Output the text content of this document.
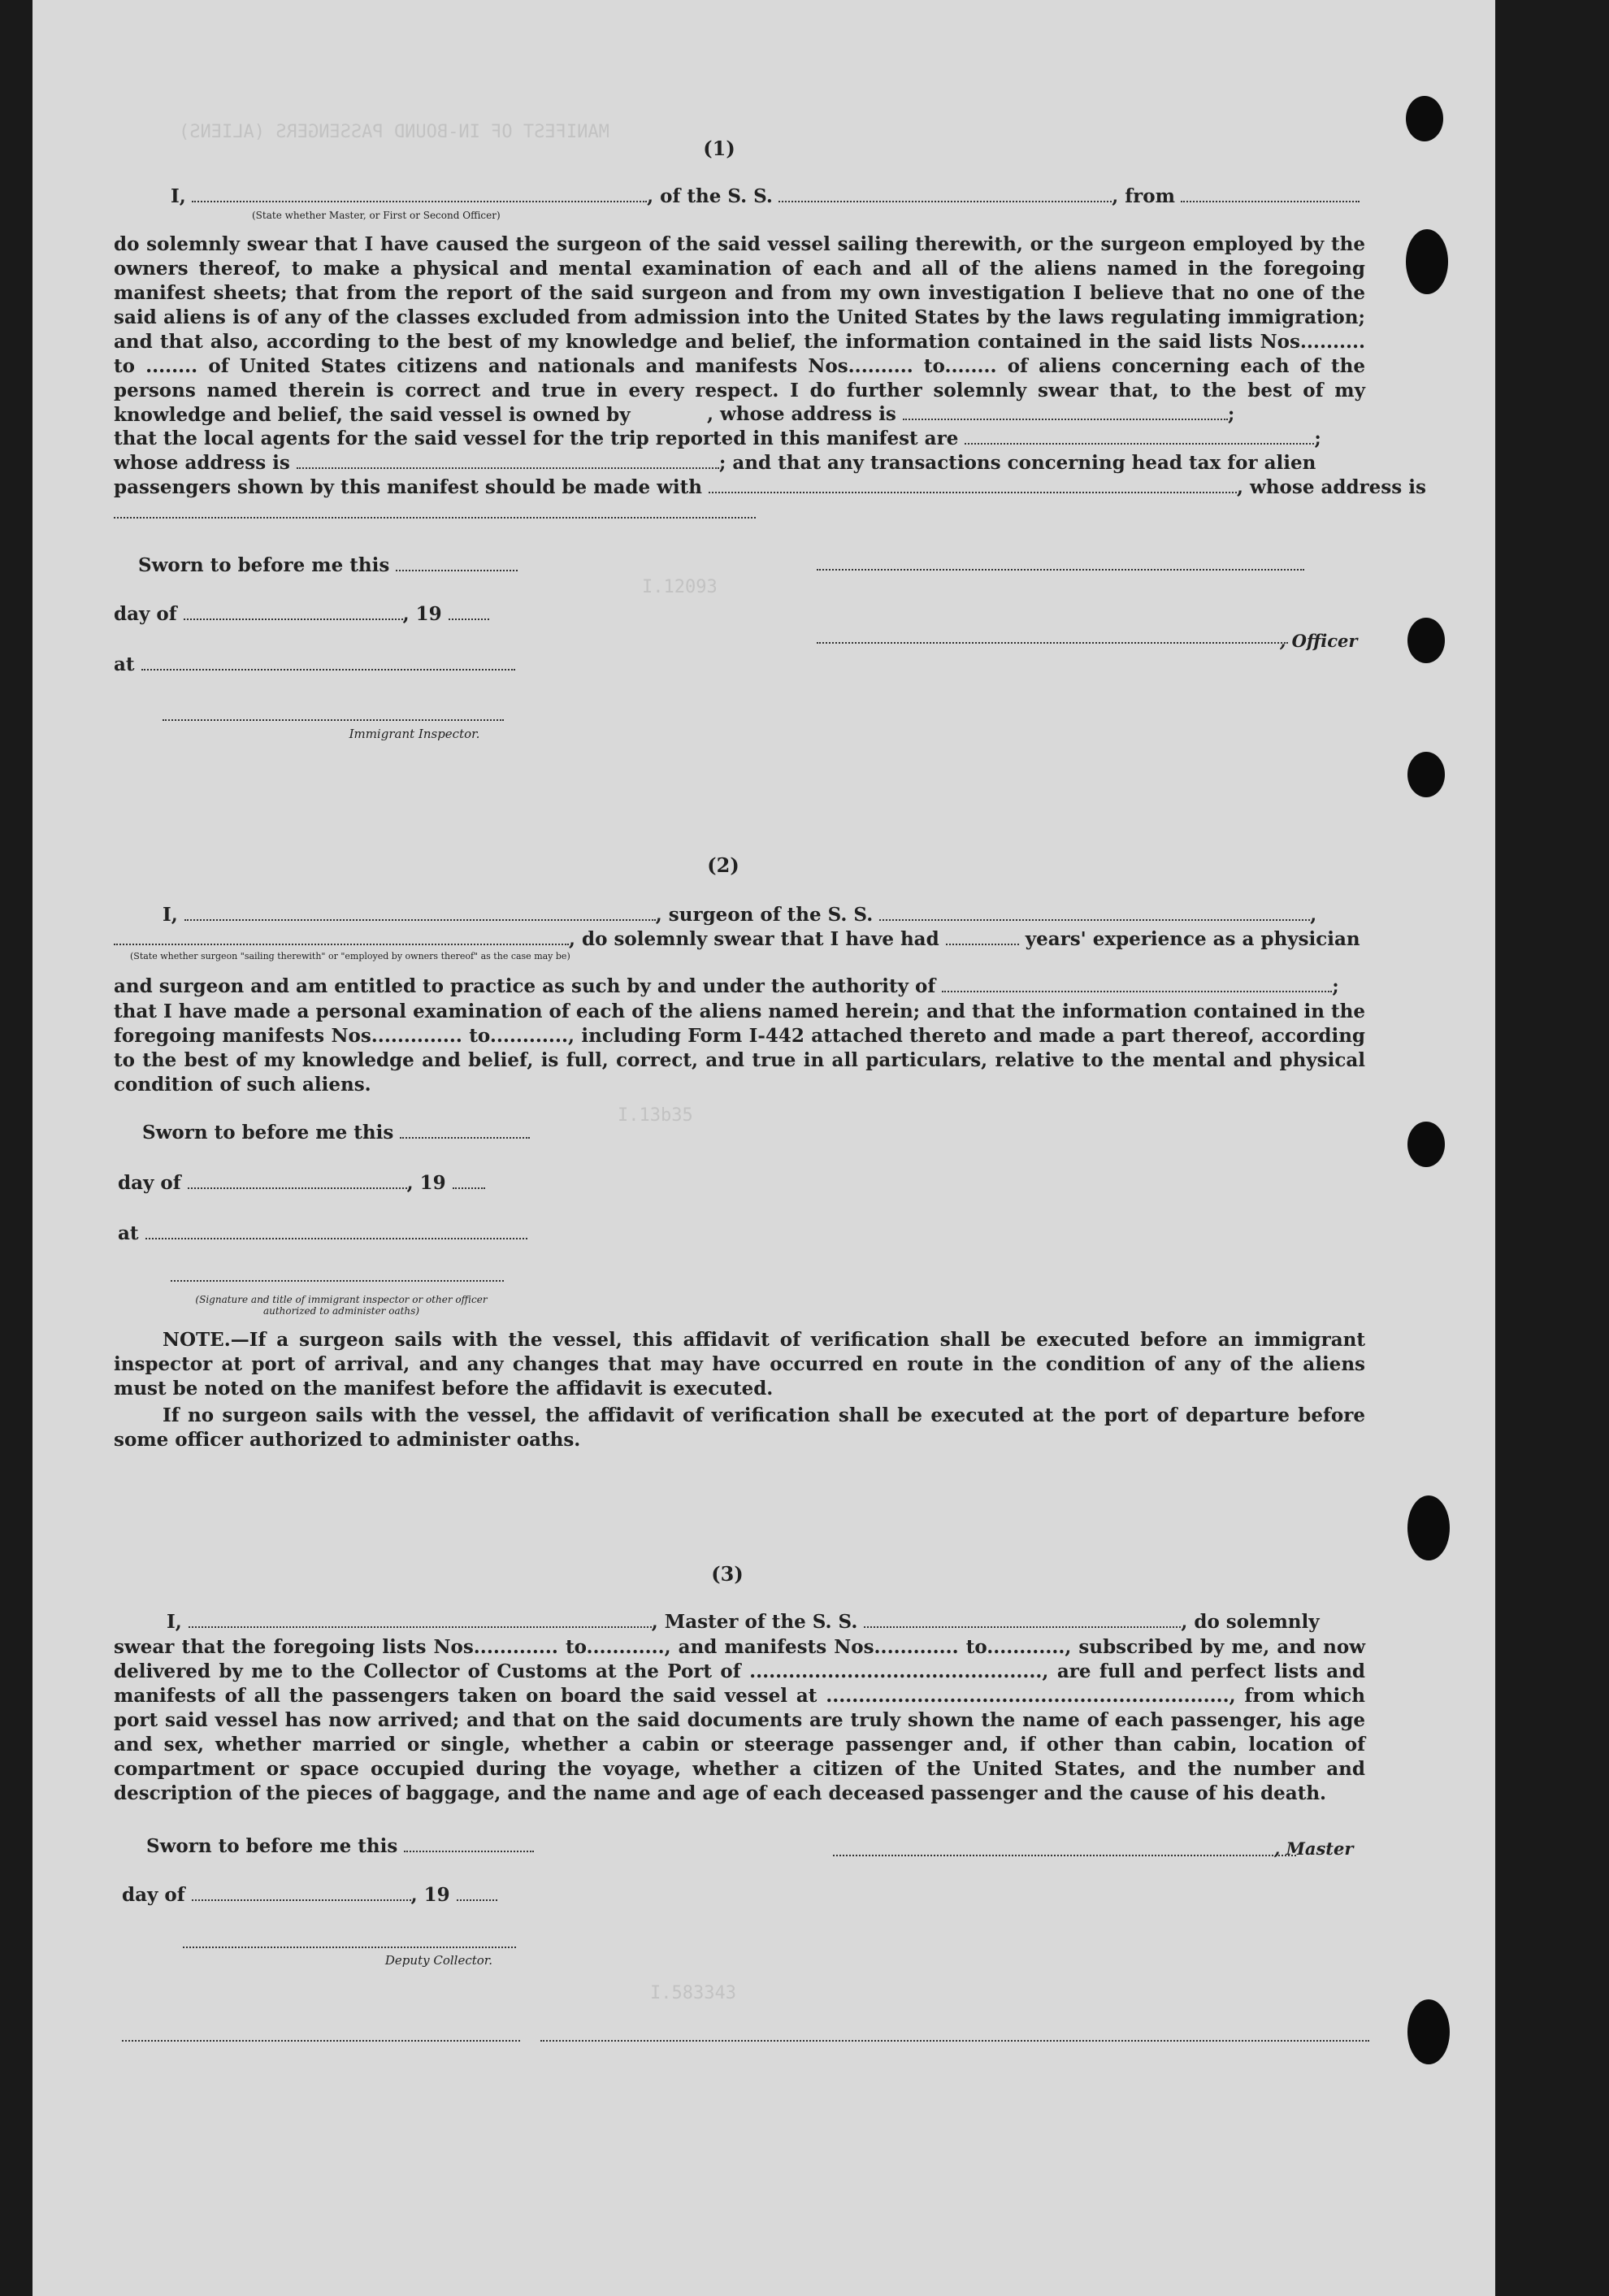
MANIFEST OF IN-BOUND PASSENGERS (ALIENS)
I.12093
I.13b35
I.583343
(1)
I,	, of the S. S.	, from
(State whether Master, or First or Second Officer)
do solemnly swear that I have caused the surgeon of the said vessel sailing therewith, or the surgeon employed by the owners thereof, to make a physical and mental examination of each and all of the aliens named in the foregoing manifest sheets; that from the report of the said surgeon and from my own investigation I believe that no one of the said aliens is of any of the classes excluded from admission into the United States by the laws regulating immigration; and that also, according to the best of my knowledge and belief, the information contained in the said lists Nos.......... to ........ of United States citizens and nationals and manifests Nos.......... to........ of aliens concerning each of the persons named therein is correct and true in every respect. I do further solemnly swear that, to the best of my knowledge and belief, the said vessel is owned by	, whose address is	;
that the local agents for the said vessel for the trip reported in this manifest are	;
whose address is	; and that any transactions concerning head tax for alien
passengers shown by this manifest should be made with	, whose address is
Sworn to before me this
day of	, 19
at
Immigrant Inspector.
, Officer
(2)
I,	, surgeon of the S. S.	,
, do solemnly swear that I have had	years' experience as a physician
(State whether surgeon "sailing therewith" or "employed by owners thereof" as the case may be)
and surgeon and am entitled to practice as such by and under the authority of	;
that I have made a personal examination of each of the aliens named herein; and that the information contained in the foregoing manifests Nos.............. to............, including Form I-442 attached thereto and made a part thereof, according to the best of my knowledge and belief, is full, correct, and true in all particulars, relative to the mental and physical condition of such aliens.
Sworn to before me this
day of	, 19
at
(Signature and title of immigrant inspector or other officer authorized to administer oaths)
NOTE.—If a surgeon sails with the vessel, this affidavit of verification shall be executed before an immigrant inspector at port of arrival, and any changes that may have occurred en route in the condition of any of the aliens must be noted on the manifest before the affidavit is executed.
If no surgeon sails with the vessel, the affidavit of verification shall be executed at the port of departure before some officer authorized to administer oaths.
(3)
I,	, Master of the S. S.	, do solemnly
swear that the foregoing lists Nos............. to............, and manifests Nos............. to............, subscribed by me, and now delivered by me to the Collector of Customs at the Port of ............................................., are full and perfect lists and manifests of all the passengers taken on board the said vessel at .............................................................., from which port said vessel has now arrived; and that on the said documents are truly shown the name of each passenger, his age and sex, whether married or single, whether a cabin or steerage passenger and, if other than cabin, location of compartment or space occupied during the voyage, whether a citizen of the United States, and the number and description of the pieces of baggage, and the name and age of each deceased passenger and the cause of his death.
Sworn to before me this
day of	, 19
Deputy Collector.
, Master
